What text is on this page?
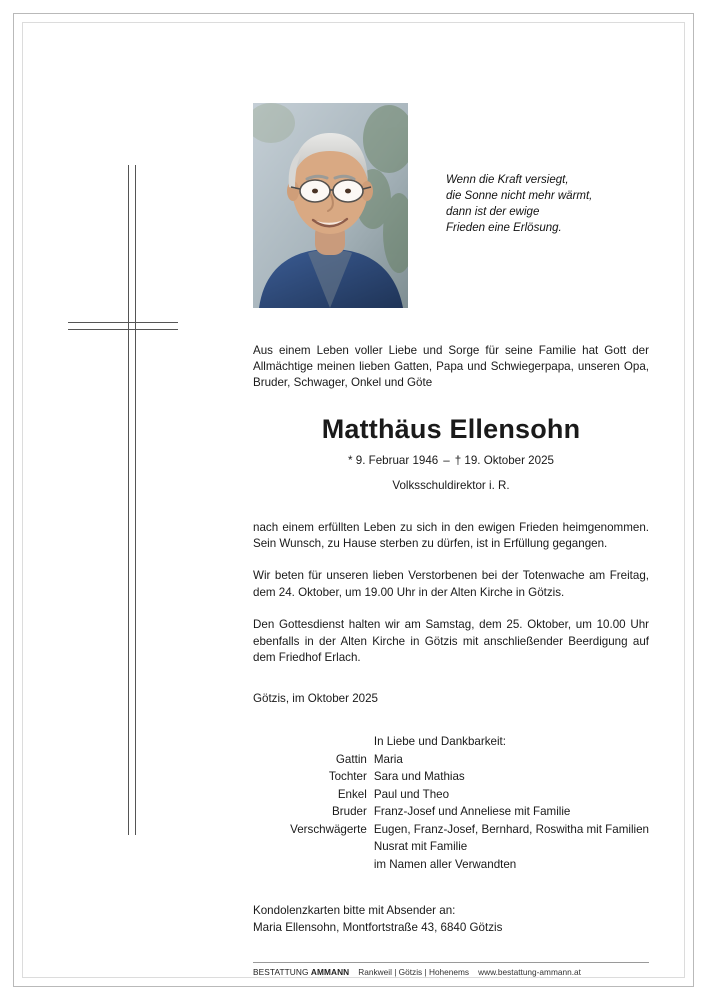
Wenn die Kraft versiegt,
die Sonne nicht mehr wärmt,
dann ist der ewige
Frieden eine Erlösung.
Aus einem Leben voller Liebe und Sorge für seine Familie hat Gott der Allmächtige meinen lieben Gatten, Papa und Schwiegerpapa, unseren Opa, Bruder, Schwager, Onkel und Göte
Matthäus Ellensohn
* 9. Februar 1946 – † 19. Oktober 2025
Volksschuldirektor i. R.
nach einem erfüllten Leben zu sich in den ewigen Frieden heimgenommen. Sein Wunsch, zu Hause sterben zu dürfen, ist in Erfüllung gegangen.
Wir beten für unseren lieben Verstorbenen bei der Totenwache am Freitag, dem 24. Oktober, um 19.00 Uhr in der Alten Kirche in Götzis.
Den Gottesdienst halten wir am Samstag, dem 25. Oktober, um 10.00 Uhr ebenfalls in der Alten Kirche in Götzis mit anschließender Beerdigung auf dem Friedhof Erlach.
Götzis, im Oktober 2025
	In Liebe und Dankbarkeit:
Gattin	Maria
Tochter	Sara und Mathias
Enkel	Paul und Theo
Bruder	Franz-Josef und Anneliese mit Familie
Verschwägerte	Eugen, Franz-Josef, Bernhard, Roswitha mit Familien
	Nusrat mit Familie
	im Namen aller Verwandten
Kondolenzkarten bitte mit Absender an:
Maria Ellensohn, Montfortstraße 43, 6840 Götzis
BESTATTUNG AMMANN Rankweil | Götzis | Hohenems www.bestattung-ammann.at
